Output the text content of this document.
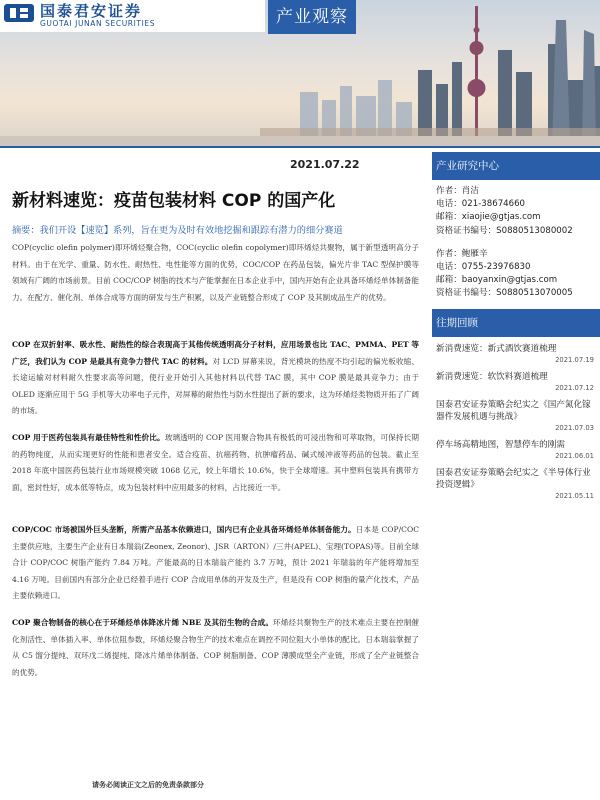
国泰君安证券
GUOTAI JUNAN SECURITIES	产业观察
2021.07.22
新材料速览：疫苗包装材料 COP 的国产化
摘要：我们开设【速览】系列，旨在更为及时有效地挖掘和跟踪有潜力的细分赛道
COP(cyclic olefin polymer)即环烯烃聚合物，COC(cyclic olefin copolymer)即环烯烃共聚物，属于新型透明高分子材料。由于在光学、重量、防水性、耐热性、电性能等方面的优势，COC/COP 在药品包装，偏光片非 TAC 型保护膜等领域有广阔的市场前景。目前 COC/COP 树脂的技术与产能掌握在日本企业手中，国内开始有企业具备环烯烃单体制备能力。在配方、催化剂、单体合成等方面的研发与生产积累，以及产业链整合形成了 COP 及其制成品生产的优势。
COP 在双折射率、吸水性、耐热性的综合表现高于其他传统透明高分子材料，应用场景也比 TAC、PMMA、PET 等广泛，我们认为 COP 是最具有竞争力替代 TAC 的材料。对 LCD 屏幕来说，背光模块的热度不均引起的偏光板收缩、长途运输对材料耐久性要求高等问题，使行业开始引入其他材料以代替 TAC 膜，其中 COP 膜是最具竞争力；由于 OLED 逐渐应用于 5G 手机等大功率电子元件，对屏幕的耐热性与防水性提出了新的要求，这为环烯烃类物质开拓了广阔的市场。
COP 用于医药包装具有最佳特性和性价比。玻璃透明的 COP 医用聚合物具有极低的可浸出物和可萃取物，可保持长期的药物纯度，从而实现更好的性能和患者安全。适合疫苗、抗癌药物、抗肿瘤药品、碱式缓冲液等药品的包装。截止至 2018 年底中国医药包装行业市场规模突破 1068 亿元，较上年增长 10.6%，快于全球增速。其中塑料包装具有携带方面，密封性好，成本低等特点，成为包装材料中应用最多的材料，占比接近一半。
COP/COC 市场被国外巨头垄断，所需产品基本依赖进口，国内已有企业具备环烯烃单体制备能力。日本是 COP/COC 主要供应地，主要生产企业有日本瑞翁(Zeonex, Zeonor)、JSR（ARTON）/三井(APEL)、宝理(TOPAS)等。目前全球合计 COP/COC 树脂产能约 7.84 万吨。产能最高的日本瑞翁产能约 3.7 万吨，预计 2021 年瑞翁的年产能将增加至 4.16 万吨。目前国内有部分企业已经着手进行 COP 合成用单体的开发及生产，但是没有 COP 树脂的量产化技术，产品主要依赖进口。
COP 聚合物制备的核心在于环烯烃单体降冰片烯 NBE 及其衍生物的合成。环烯烃共聚物生产的技术难点主要在控制催化剂活性、单体插入率、单体位阻参数，环烯烃聚合物生产的技术难点在调控不同位阻大小单体的配比。日本瑞翁掌握了从 C5 馏分提纯、双环戊二烯提纯、降冰片烯单体制备、COP 树脂制备、COP 薄膜成型全产业链，形成了全产业链整合的优势。
请务必阅读正文之后的免责条款部分
产业研究中心
作者：肖洁
电话：021-38674660
邮箱：xiaojie@gtjas.com
资格证书编号：S0880513080002
作者：鲍雁辛
电话：0755-23976830
邮箱：baoyanxin@gtjas.com
资格证书编号：S0880513070005
往期回顾
新消费速览：新式酒饮赛道梳理
2021.07.19
新消费速览：软饮料赛道梳理
2021.07.12
国泰君安证券策略会纪实之《国产氮化镓器件发展机遇与挑战》
2021.07.03
停车场高精地图，智慧停车的刚需
2021.06.01
国泰君安证券策略会纪实之《半导体行业投资逻辑》
2021.05.11
